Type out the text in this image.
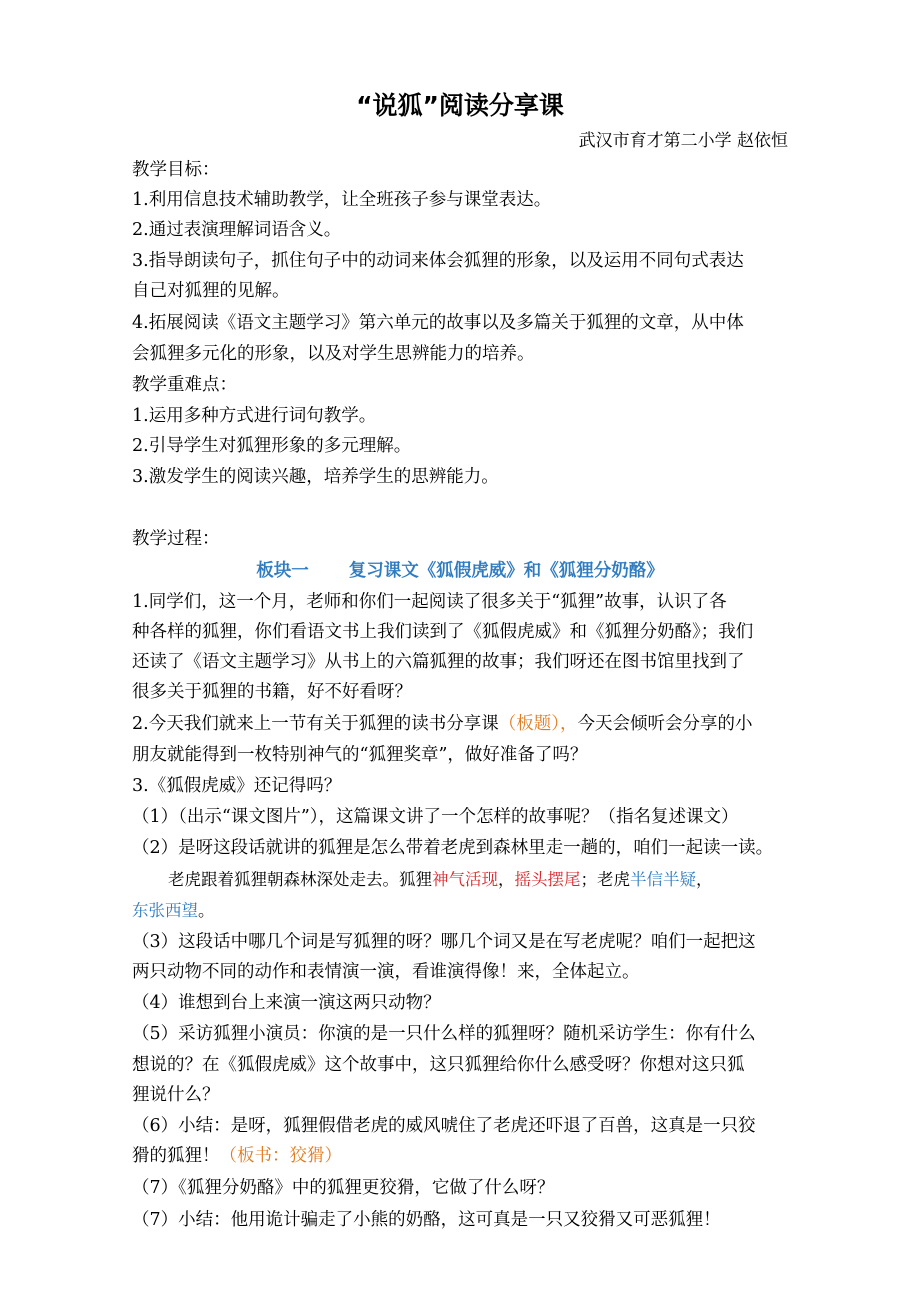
“说狐”阅读分享课
武汉市育才第二小学 赵依恒
教学目标：
1.利用信息技术辅助教学，让全班孩子参与课堂表达。
2.通过表演理解词语含义。
3.指导朗读句子，抓住句子中的动词来体会狐狸的形象，以及运用不同句式表达
自己对狐狸的见解。
4.拓展阅读《语文主题学习》第六单元的故事以及多篇关于狐狸的文章，从中体
会狐狸多元化的形象，以及对学生思辨能力的培养。
教学重难点：
1.运用多种方式进行词句教学。
2.引导学生对狐狸形象的多元理解。
3.激发学生的阅读兴趣，培养学生的思辨能力。
教学过程：
板块一 复习课文《狐假虎威》和《狐狸分奶酪》
1.同学们，这一个月，老师和你们一起阅读了很多关于“狐狸”故事，认识了各
种各样的狐狸，你们看语文书上我们读到了《狐假虎威》和《狐狸分奶酪》；我们
还读了《语文主题学习》从书上的六篇狐狸的故事；我们呀还在图书馆里找到了
很多关于狐狸的书籍，好不好看呀？
2.今天我们就来上一节有关于狐狸的读书分享课（板题），今天会倾听会分享的小
朋友就能得到一枚特别神气的“狐狸奖章”，做好准备了吗？
3.《狐假虎威》还记得吗？
（1）（出示“课文图片”），这篇课文讲了一个怎样的故事呢？（指名复述课文）
（2）是呀这段话就讲的狐狸是怎么带着老虎到森林里走一趟的，咱们一起读一读。
老虎跟着狐狸朝森林深处走去。狐狸神气活现，摇头摆尾；老虎半信半疑，
东张西望。
（3）这段话中哪几个词是写狐狸的呀？哪几个词又是在写老虎呢？咱们一起把这
两只动物不同的动作和表情演一演，看谁演得像！来，全体起立。
（4）谁想到台上来演一演这两只动物？
（5）采访狐狸小演员：你演的是一只什么样的狐狸呀？随机采访学生：你有什么
想说的？在《狐假虎威》这个故事中，这只狐狸给你什么感受呀？你想对这只狐
狸说什么？
（6）小结：是呀，狐狸假借老虎的威风唬住了老虎还吓退了百兽，这真是一只狡
猾的狐狸！（板书：狡猾）
（7）《狐狸分奶酪》中的狐狸更狡猾，它做了什么呀？
（7）小结：他用诡计骗走了小熊的奶酪，这可真是一只又狡猾又可恶狐狸！
